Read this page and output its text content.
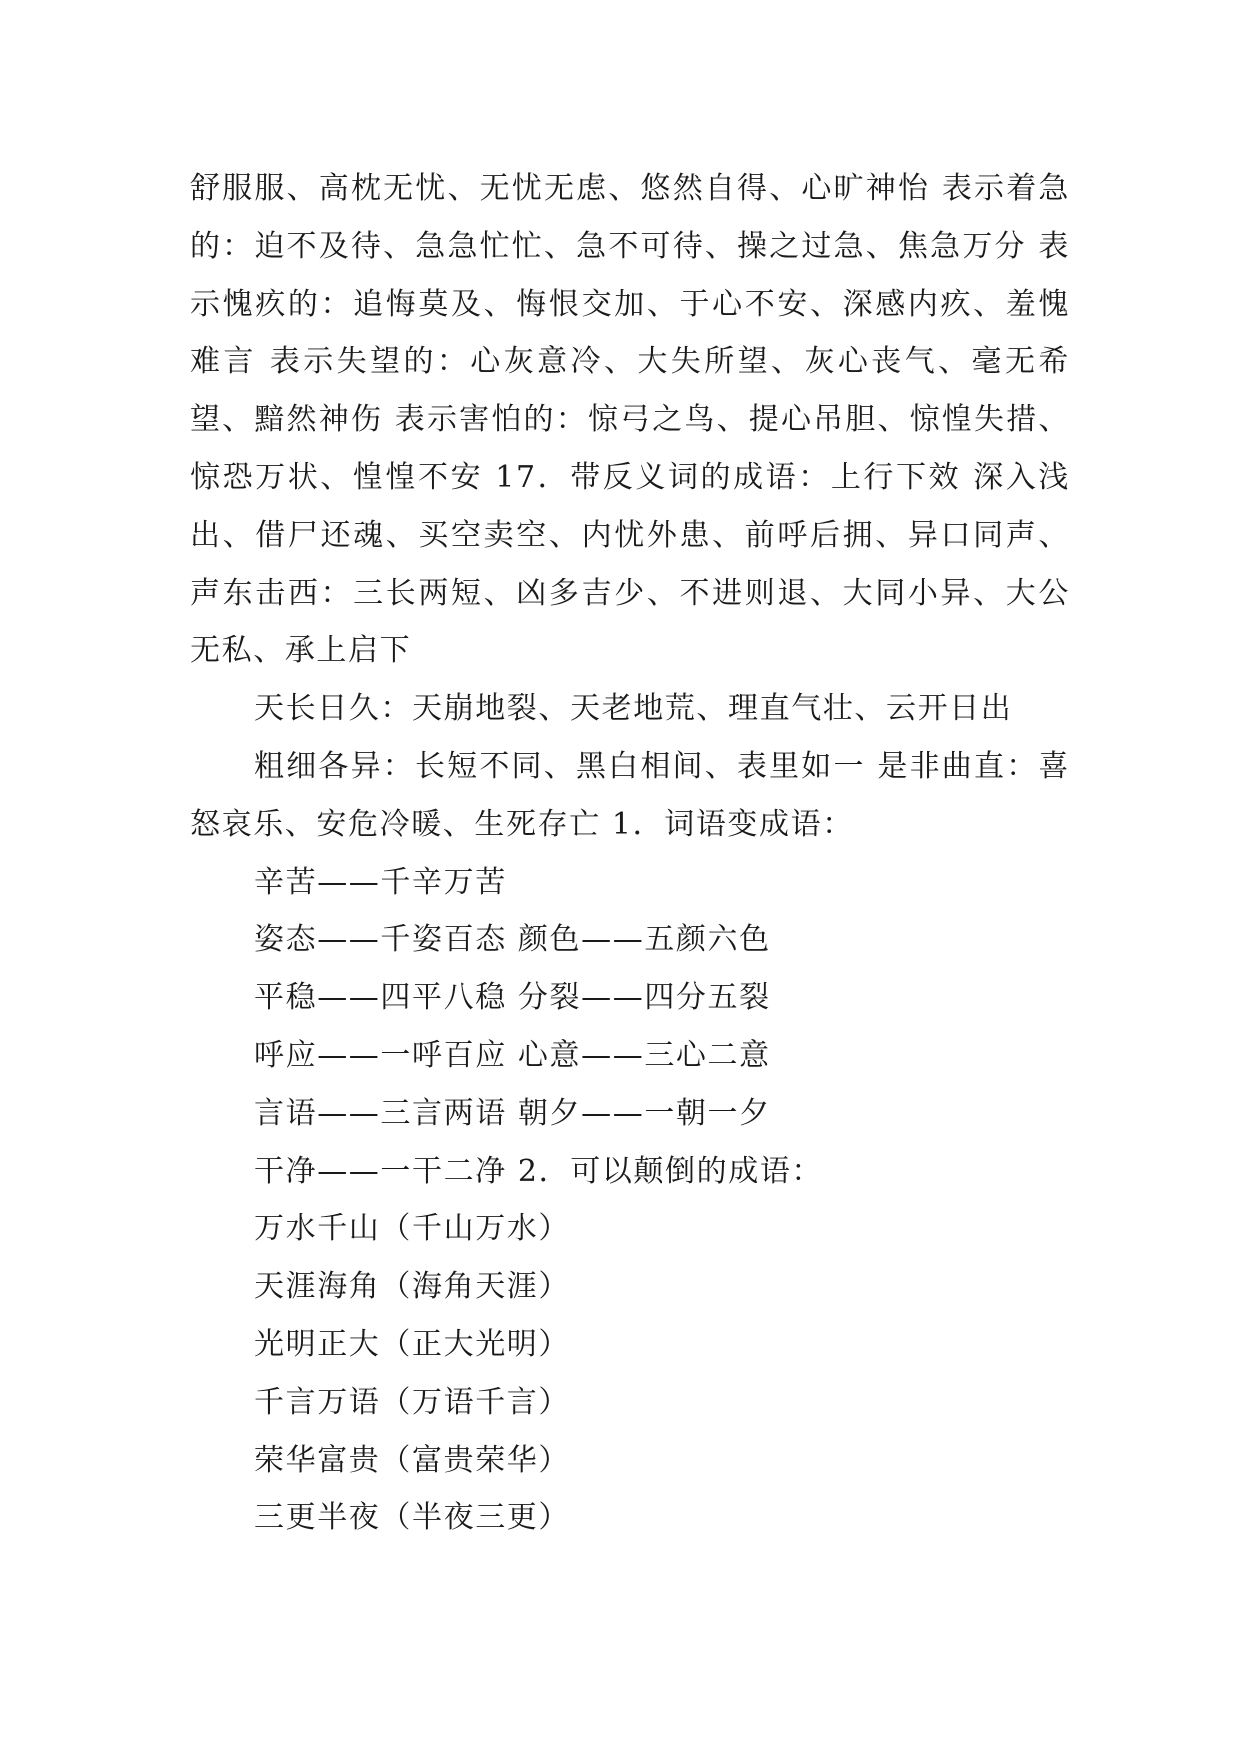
舒服服、高枕无忧、无忧无虑、悠然自得、心旷神怡 表示着急的：迫不及待、急急忙忙、急不可待、操之过急、焦急万分 表示愧疚的：追悔莫及、悔恨交加、于心不安、深感内疚、羞愧难言 表示失望的：心灰意冷、大失所望、灰心丧气、毫无希望、黯然神伤 表示害怕的：惊弓之鸟、提心吊胆、惊惶失措、惊恐万状、惶惶不安 17．带反义词的成语：上行下效 深入浅出、借尸还魂、买空卖空、内忧外患、前呼后拥、异口同声、声东击西：三长两短、凶多吉少、不进则退、大同小异、大公无私、承上启下

天长日久：天崩地裂、天老地荒、理直气壮、云开日出

粗细各异：长短不同、黑白相间、表里如一 是非曲直：喜怒哀乐、安危冷暖、生死存亡 1．词语变成语：

辛苦——千辛万苦

姿态——千姿百态 颜色——五颜六色

平稳——四平八稳 分裂——四分五裂

呼应——一呼百应 心意——三心二意

言语——三言两语 朝夕——一朝一夕

干净——一干二净 2．可以颠倒的成语：

万水千山（千山万水）

天涯海角（海角天涯）

光明正大（正大光明）

千言万语（万语千言）

荣华富贵（富贵荣华）

三更半夜（半夜三更）
